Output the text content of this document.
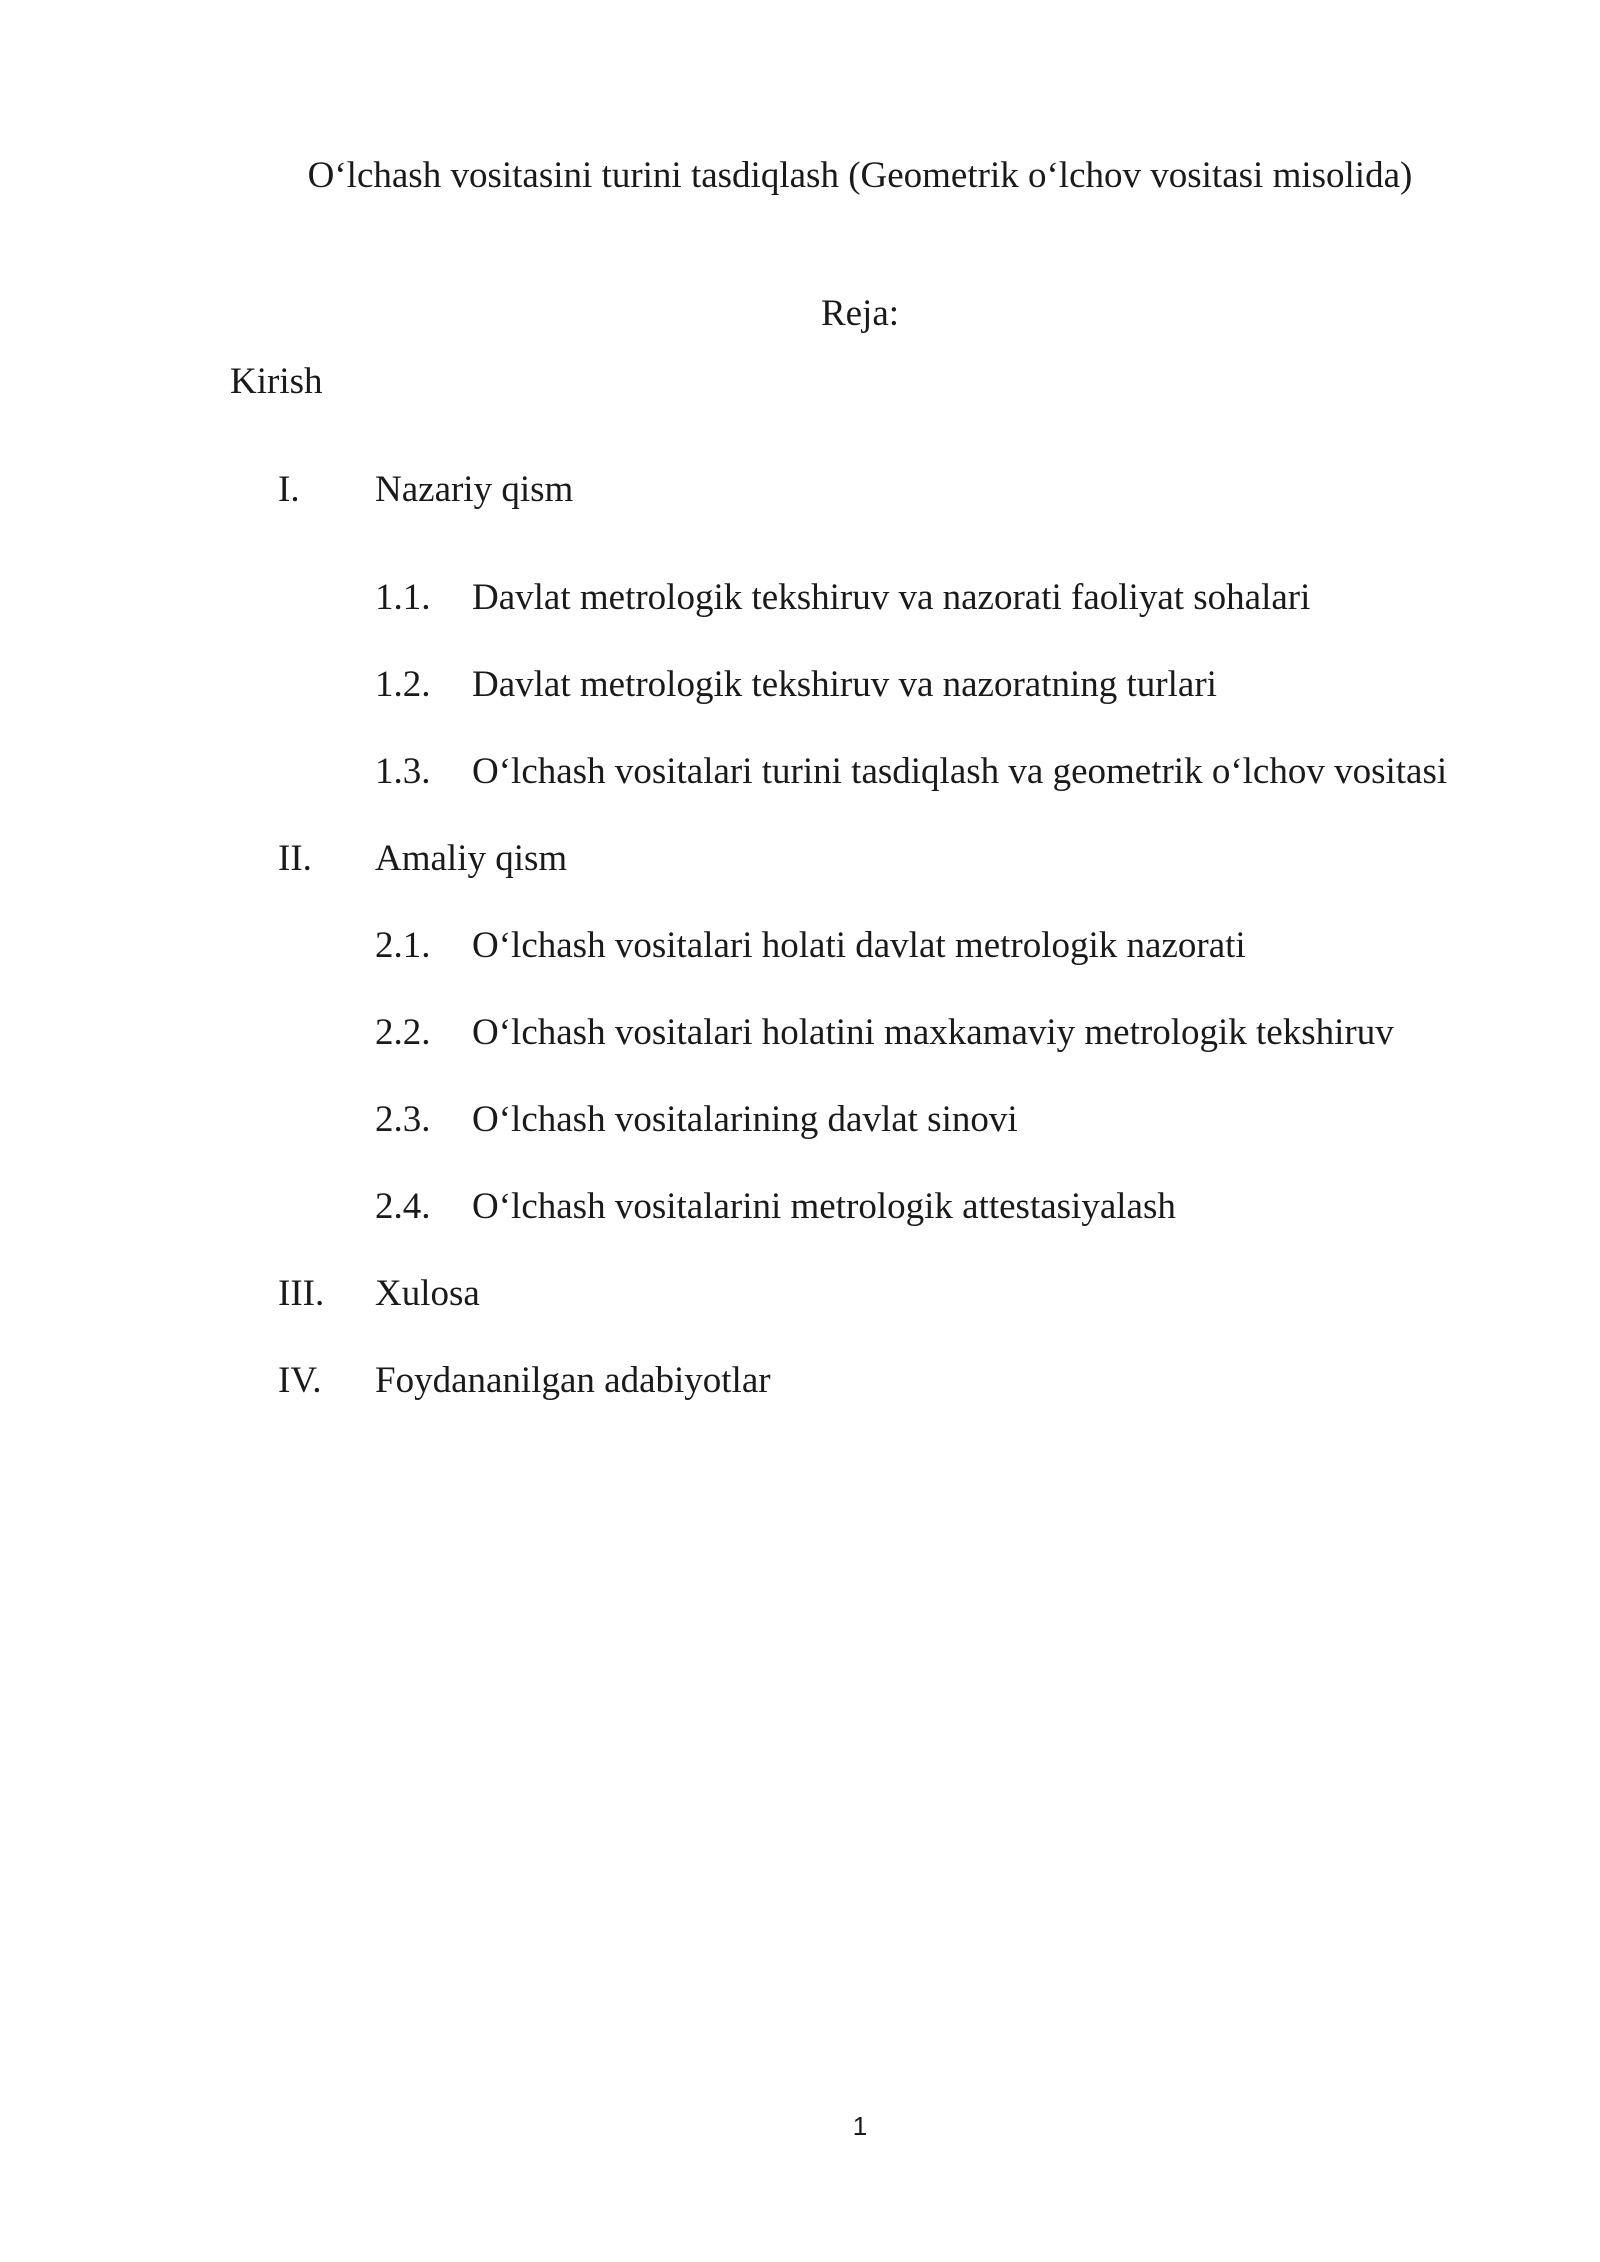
O‘lchash vositasini turini tasdiqlash (Geometrik o‘lchov vositasi misolida)
Reja:
Kirish
I. Nazariy qism
1.1. Davlat metrologik tekshiruv va nazorati faoliyat sohalari
1.2. Davlat metrologik tekshiruv va nazoratning turlari
1.3. O‘lchash vositalari turini tasdiqlash va geometrik o‘lchov vositasi
II. Amaliy qism
2.1. O‘lchash vositalari holati davlat metrologik nazorati
2.2. O‘lchash vositalari holatini maxkamaviy metrologik tekshiruv
2.3. O‘lchash vositalarining davlat sinovi
2.4. O‘lchash vositalarini metrologik attestasiyalash
III. Xulosa
IV. Foydananilgan adabiyotlar
1
